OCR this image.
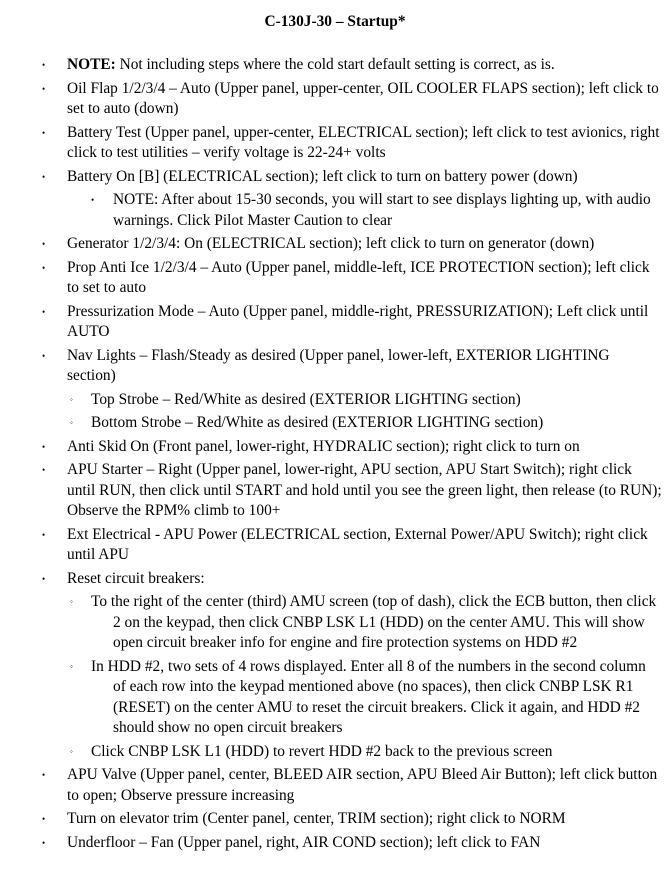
C-130J-30 – Startup*
• NOTE: Not including steps where the cold start default setting is correct, as is.
• Oil Flap 1/2/3/4 – Auto (Upper panel, upper-center, OIL COOLER FLAPS section); left click to set to auto (down)
• Battery Test (Upper panel, upper-center, ELECTRICAL section); left click to test avionics, right click to test utilities – verify voltage is 22-24+ volts
• Battery On [B] (ELECTRICAL section); left click to turn on battery power (down)
• NOTE: After about 15-30 seconds, you will start to see displays lighting up, with audio warnings. Click Pilot Master Caution to clear
• Generator 1/2/3/4: On (ELECTRICAL section); left click to turn on generator (down)
• Prop Anti Ice 1/2/3/4 – Auto (Upper panel, middle-left, ICE PROTECTION section); left click to set to auto
• Pressurization Mode – Auto (Upper panel, middle-right, PRESSURIZATION); Left click until AUTO
• Nav Lights – Flash/Steady as desired (Upper panel, lower-left, EXTERIOR LIGHTING section)
◦ Top Strobe – Red/White as desired (EXTERIOR LIGHTING section)
◦ Bottom Strobe – Red/White as desired (EXTERIOR LIGHTING section)
• Anti Skid On (Front panel, lower-right, HYDRALIC section); right click to turn on
• APU Starter – Right (Upper panel, lower-right, APU section, APU Start Switch); right click until RUN, then click until START and hold until you see the green light, then release (to RUN); Observe the RPM% climb to 100+
• Ext Electrical - APU Power (ELECTRICAL section, External Power/APU Switch); right click until APU
• Reset circuit breakers:
◦ To the right of the center (third) AMU screen (top of dash), click the ECB button, then click 2 on the keypad, then click CNBP LSK L1 (HDD) on the center AMU. This will show open circuit breaker info for engine and fire protection systems on HDD #2
◦ In HDD #2, two sets of 4 rows displayed. Enter all 8 of the numbers in the second column of each row into the keypad mentioned above (no spaces), then click CNBP LSK R1 (RESET) on the center AMU to reset the circuit breakers. Click it again, and HDD #2 should show no open circuit breakers
◦ Click CNBP LSK L1 (HDD) to revert HDD #2 back to the previous screen
• APU Valve (Upper panel, center, BLEED AIR section, APU Bleed Air Button); left click button to open; Observe pressure increasing
• Turn on elevator trim (Center panel, center, TRIM section); right click to NORM
• Underfloor – Fan (Upper panel, right, AIR COND section); left click to FAN
